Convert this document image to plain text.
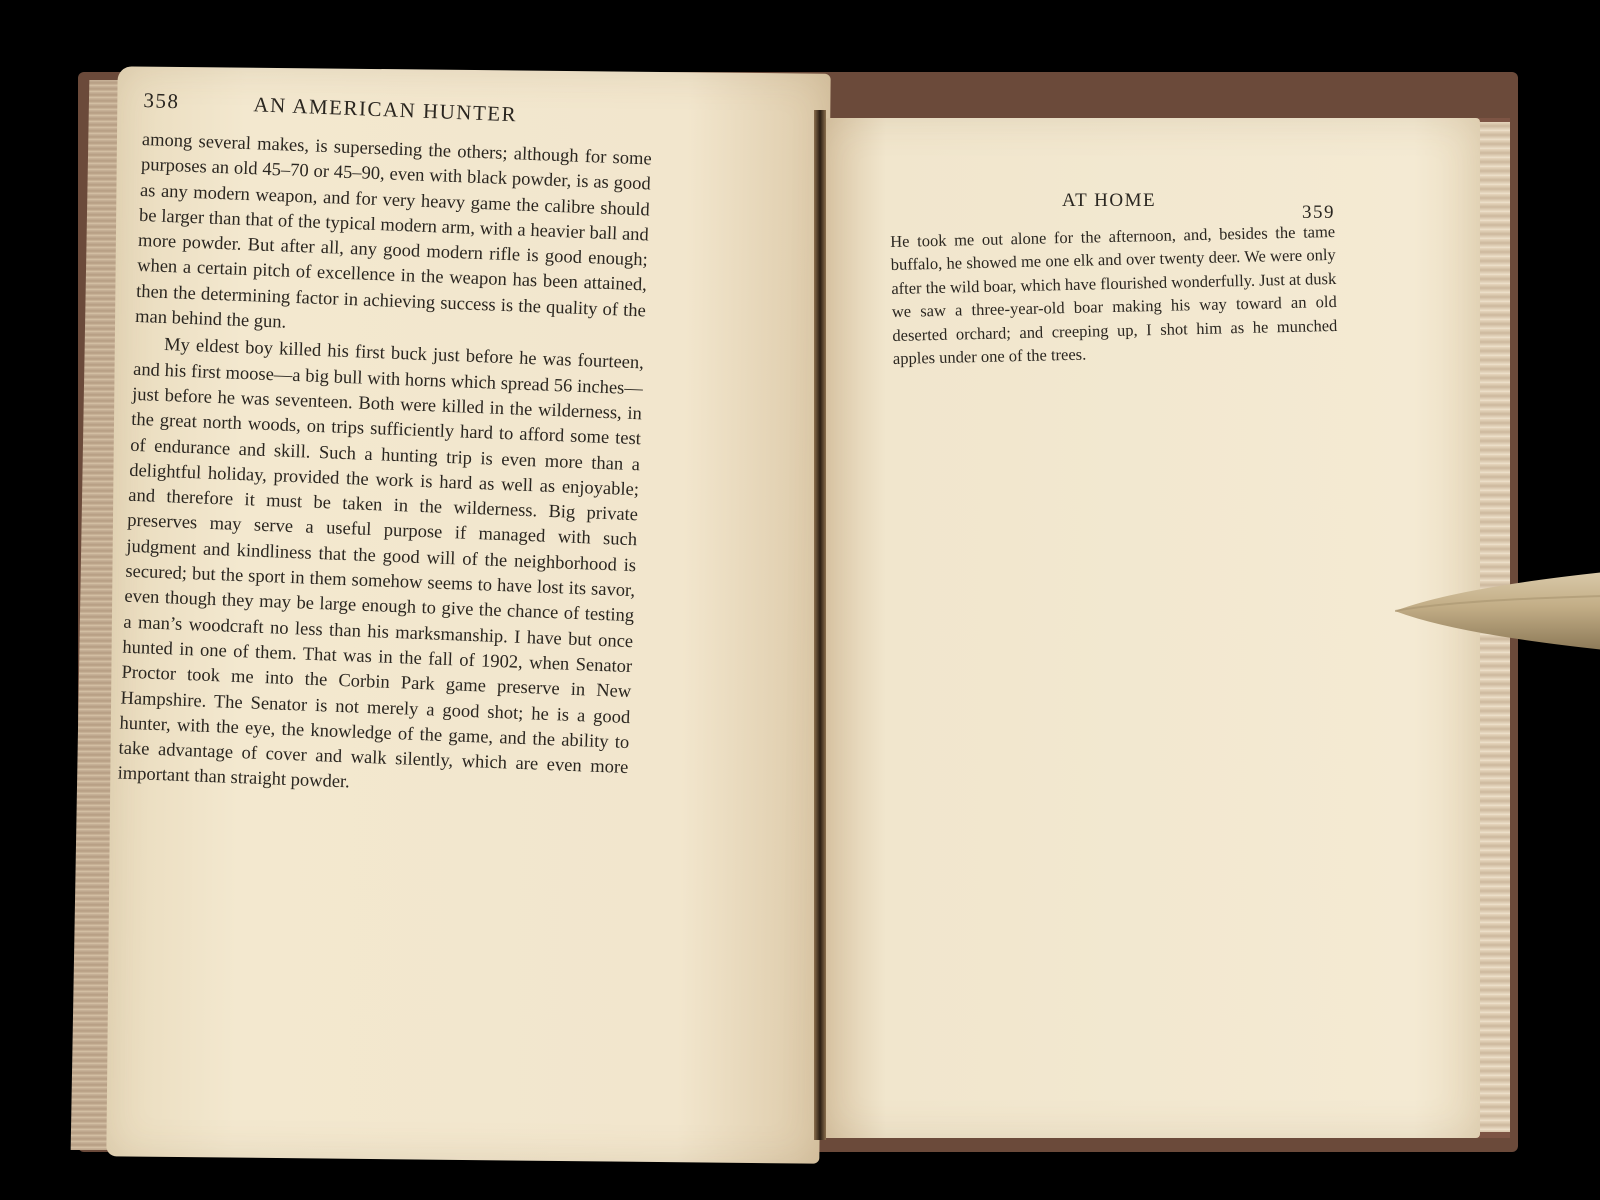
358	AN AMERICAN HUNTER

among several makes, is superseding the others; although for some purposes an old 45–70 or 45–90, even with black powder, is as good as any modern weapon, and for very heavy game the calibre should be larger than that of the typical modern arm, with a heavier ball and more powder. But after all, any good modern rifle is good enough; when a certain pitch of excellence in the weapon has been attained, then the determining factor in achieving success is the quality of the man behind the gun.

My eldest boy killed his first buck just before he was fourteen, and his first moose—a big bull with horns which spread 56 inches—just before he was seventeen. Both were killed in the wilderness, in the great north woods, on trips sufficiently hard to afford some test of endurance and skill. Such a hunting trip is even more than a delightful holiday, provided the work is hard as well as enjoyable; and therefore it must be taken in the wilderness. Big private preserves may serve a useful purpose if managed with such judgment and kindliness that the good will of the neighborhood is secured; but the sport in them somehow seems to have lost its savor, even though they may be large enough to give the chance of testing a man’s woodcraft no less than his marksmanship. I have but once hunted in one of them. That was in the fall of 1902, when Senator Proctor took me into the Corbin Park game preserve in New Hampshire. The Senator is not merely a good shot; he is a good hunter, with the eye, the knowledge of the game, and the ability to take advantage of cover and walk silently, which are even more important than straight powder.

AT HOME
359

He took me out alone for the afternoon, and, besides the tame buffalo, he showed me one elk and over twenty deer. We were only after the wild boar, which have flourished wonderfully. Just at dusk we saw a three-year-old boar making his way toward an old deserted orchard; and creeping up, I shot him as he munched apples under one of the trees.
